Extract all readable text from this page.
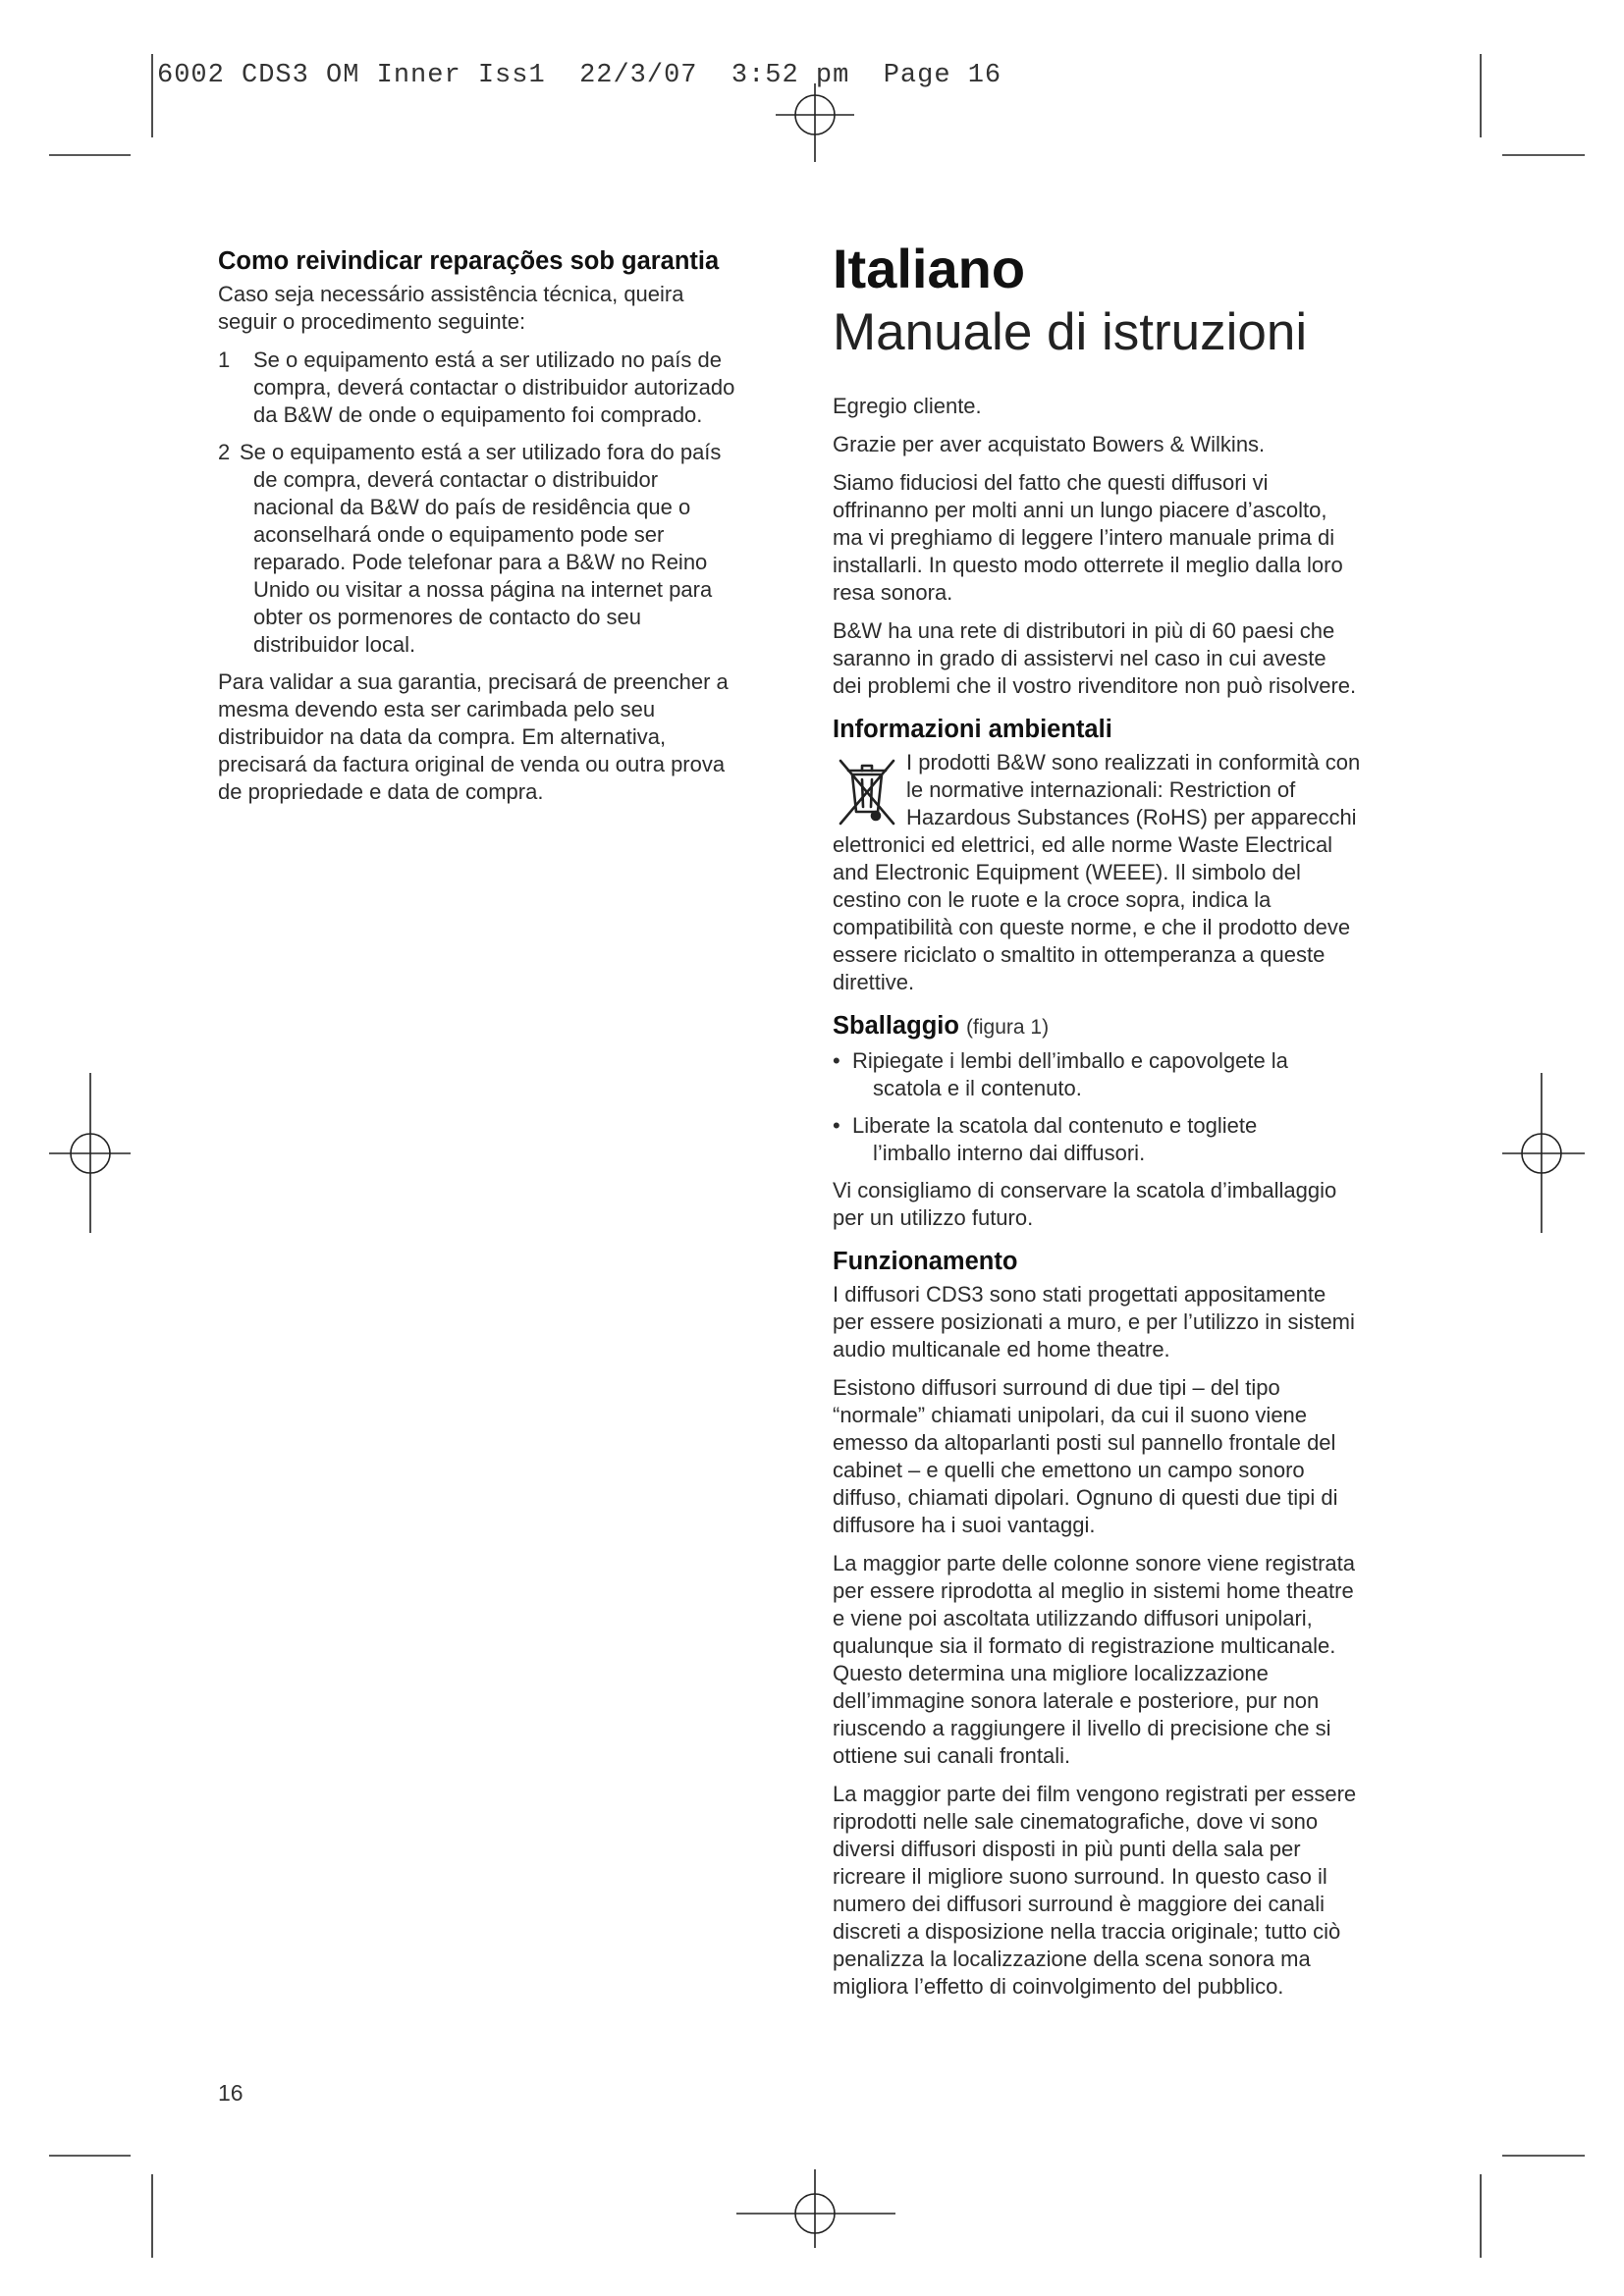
6002 CDS3 OM Inner Iss1  22/3/07  3:52 pm  Page 16
Como reivindicar reparações sob garantia

Caso seja necessário assistência técnica, queira
seguir o procedimento seguinte:

1	Se o equipamento está a ser utilizado no país de
compra, deverá contactar o distribuidor autorizado
da B&W de onde o equipamento foi comprado.
2 Se o equipamento está a ser utilizado fora do país
de compra, deverá contactar o distribuidor
nacional da B&W do país de residência que o
aconselhará onde o equipamento pode ser
reparado. Pode telefonar para a B&W no Reino
Unido ou visitar a nossa página na internet para
obter os pormenores de contacto do seu
distribuidor local.

Para validar a sua garantia, precisará de preencher a
mesma devendo esta ser carimbada pelo seu
distribuidor na data da compra. Em alternativa,
precisará da factura original de venda ou outra prova
de propriedade e data de compra.

Italiano
Manuale di istruzioni

Egregio cliente.

Grazie per aver acquistato Bowers & Wilkins.

Siamo fiduciosi del fatto che questi diffusori vi
offrinanno per molti anni un lungo piacere d’ascolto,
ma vi preghiamo di leggere l’intero manuale prima di
installarli. In questo modo otterrete il meglio dalla loro
resa sonora.

B&W ha una rete di distributori in più di 60 paesi che
saranno in grado di assistervi nel caso in cui aveste
dei problemi che il vostro rivenditore non può risolvere.

Informazioni ambientali

I prodotti B&W sono realizzati in conformità con
le normative internazionali: Restriction of
Hazardous Substances (RoHS) per apparecchi
elettronici ed elettrici, ed alle norme Waste Electrical
and Electronic Equipment (WEEE). Il simbolo del
cestino con le ruote e la croce sopra, indica la
compatibilità con queste norme, e che il prodotto deve
essere riciclato o smaltito in ottemperanza a queste
direttive.

Sballaggio (figura 1)
• Ripiegate i lembi dell’imballo e capovolgete la
scatola e il contenuto.
• Liberate la scatola dal contenuto e togliete
l’imballo interno dai diffusori.

Vi consigliamo di conservare la scatola d’imballaggio
per un utilizzo futuro.

Funzionamento

I diffusori CDS3 sono stati progettati appositamente
per essere posizionati a muro, e per l’utilizzo in sistemi
audio multicanale ed home theatre.

Esistono diffusori surround di due tipi – del tipo
“normale” chiamati unipolari, da cui il suono viene
emesso da altoparlanti posti sul pannello frontale del
cabinet – e quelli che emettono un campo sonoro
diffuso, chiamati dipolari. Ognuno di questi due tipi di
diffusore ha i suoi vantaggi.

La maggior parte delle colonne sonore viene registrata
per essere riprodotta al meglio in sistemi home theatre
e viene poi ascoltata utilizzando diffusori unipolari,
qualunque sia il formato di registrazione multicanale.
Questo determina una migliore localizzazione
dell’immagine sonora laterale e posteriore, pur non
riuscendo a raggiungere il livello di precisione che si
ottiene sui canali frontali.

La maggior parte dei film vengono registrati per essere
riprodotti nelle sale cinematografiche, dove vi sono
diversi diffusori disposti in più punti della sala per
ricreare il migliore suono surround. In questo caso il
numero dei diffusori surround è maggiore dei canali
discreti a disposizione nella traccia originale; tutto ciò
penalizza la localizzazione della scena sonora ma
migliora l’effetto di coinvolgimento del pubblico.

16
